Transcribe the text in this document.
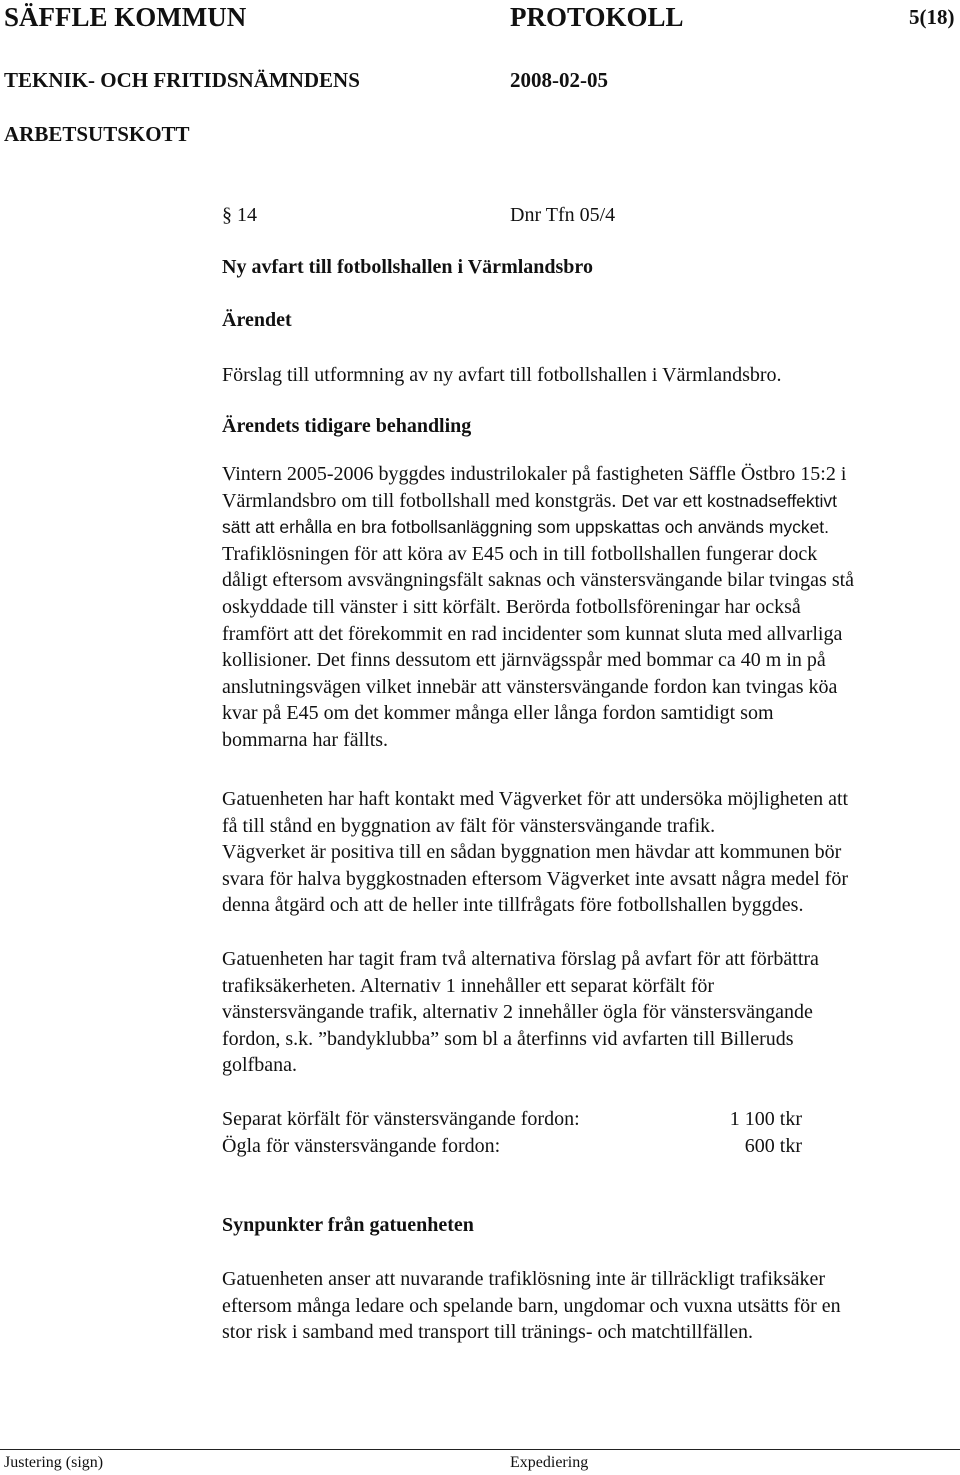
SÄFFLE KOMMUN	PROTOKOLL	5(18)
TEKNIK- OCH FRITIDSNÄMNDENS	2008-02-05
ARBETSUTSKOTT
§ 14	Dnr Tfn 05/4
Ny avfart till fotbollshallen i Värmlandsbro
Ärendet
Förslag till utformning av ny avfart till fotbollshallen i Värmlandsbro.
Ärendets tidigare behandling
Vintern 2005-2006 byggdes industrilokaler på fastigheten Säffle Östbro 15:2 i
Värmlandsbro om till fotbollshall med konstgräs. Det var ett kostnadseffektivt
sätt att erhålla en bra fotbollsanläggning som uppskattas och används mycket.
Trafiklösningen för att köra av E45 och in till fotbollshallen fungerar dock
dåligt eftersom avsvängningsfält saknas och vänstersvängande bilar tvingas stå
oskyddade till vänster i sitt körfält. Berörda fotbollsföreningar har också
framfört att det förekommit en rad incidenter som kunnat sluta med allvarliga
kollisioner. Det finns dessutom ett järnvägsspår med bommar ca 40 m in på
anslutningsvägen vilket innebär att vänstersvängande fordon kan tvingas köa
kvar på E45 om det kommer många eller långa fordon samtidigt som
bommarna har fällts.
Gatuenheten har haft kontakt med Vägverket för att undersöka möjligheten att
få till stånd en byggnation av fält för vänstersvängande trafik.
Vägverket är positiva till en sådan byggnation men hävdar att kommunen bör
svara för halva byggkostnaden eftersom Vägverket inte avsatt några medel för
denna åtgärd och att de heller inte tillfrågats före fotbollshallen byggdes.
Gatuenheten har tagit fram två alternativa förslag på avfart för att förbättra
trafiksäkerheten. Alternativ 1 innehåller ett separat körfält för
vänstersvängande trafik, alternativ 2 innehåller ögla för vänstersvängande
fordon, s.k. ”bandyklubba” som bl a återfinns vid avfarten till Billeruds
golfbana.
Separat körfält för vänstersvängande fordon:	1 100 tkr
Ögla för vänstersvängande fordon:	600 tkr
Synpunkter från gatuenheten
Gatuenheten anser att nuvarande trafiklösning inte är tillräckligt trafiksäker
eftersom många ledare och spelande barn, ungdomar och vuxna utsätts för en
stor risk i samband med transport till tränings- och matchtillfällen.
Justering (sign)	Expediering
